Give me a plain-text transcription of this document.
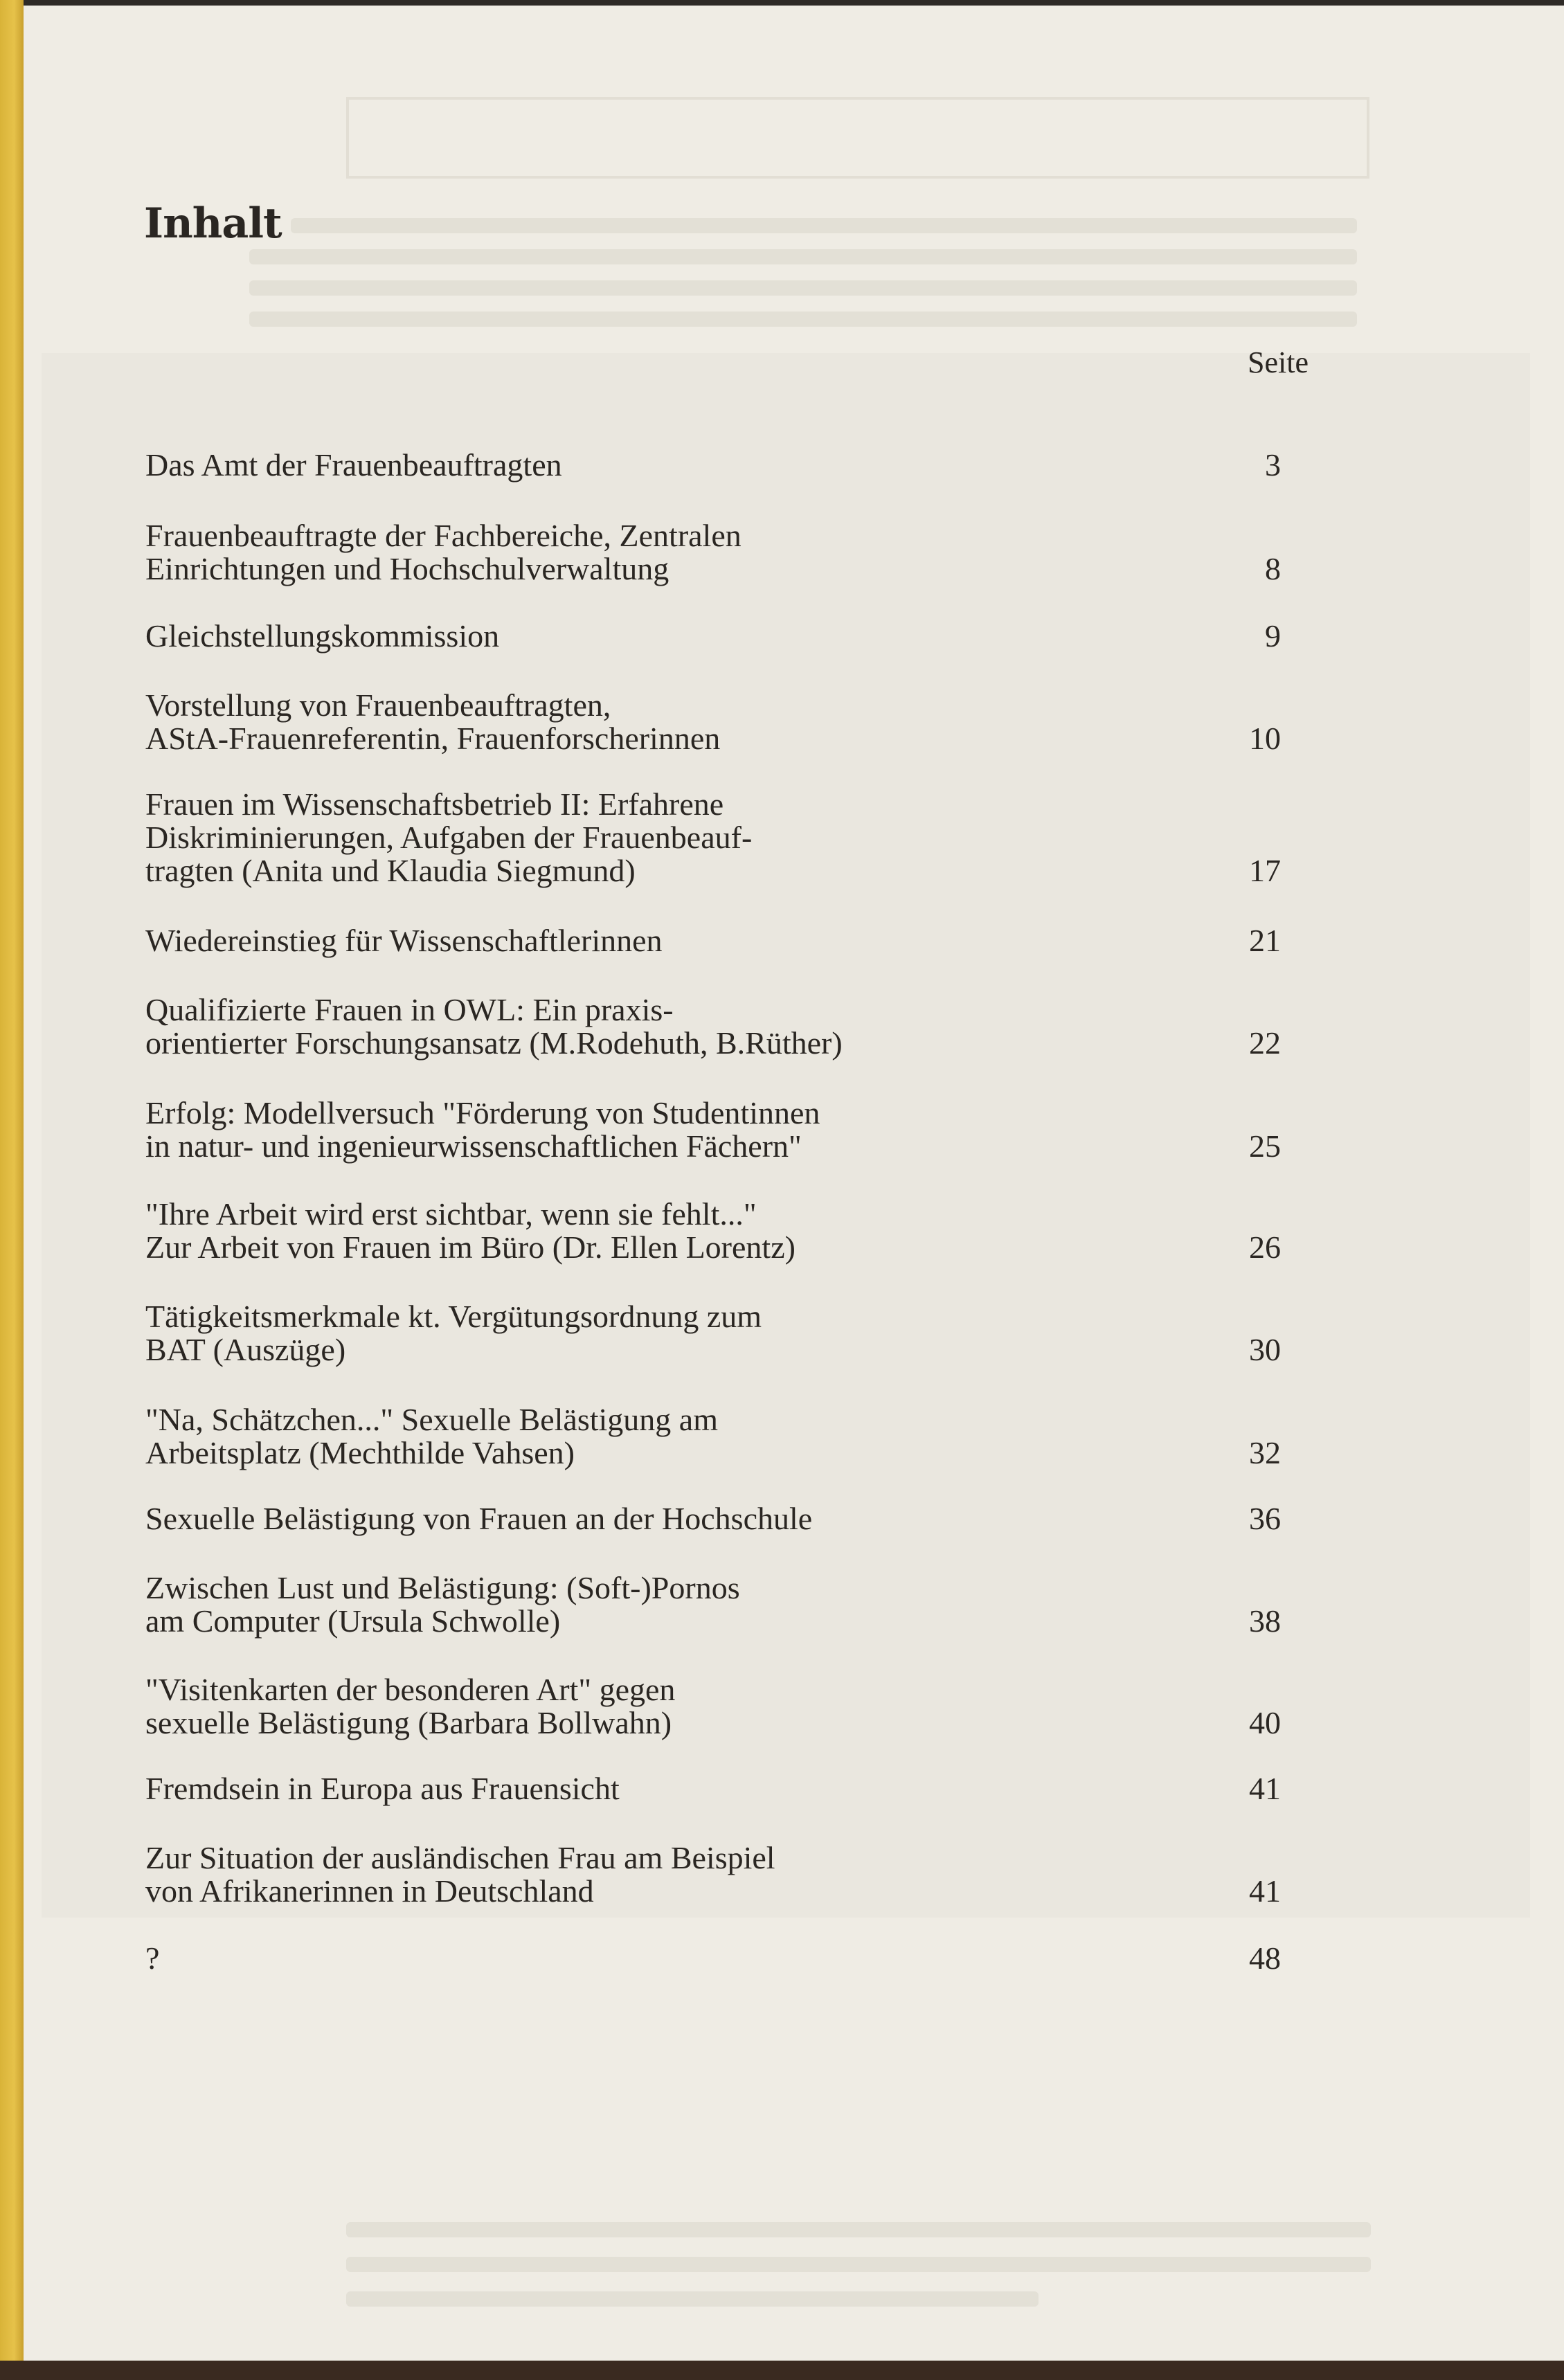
Inhalt
Seite
Das Amt der Frauenbeauftragten	3
Frauenbeauftragte der Fachbereiche, Zentralen
Einrichtungen und Hochschulverwaltung	8
Gleichstellungskommission	9
Vorstellung von Frauenbeauftragten,
AStA-Frauenreferentin, Frauenforscherinnen	10
Frauen im Wissenschaftsbetrieb II: Erfahrene
Diskriminierungen, Aufgaben der Frauenbeauf-
tragten (Anita und Klaudia Siegmund)	17
Wiedereinstieg für Wissenschaftlerinnen	21
Qualifizierte Frauen in OWL: Ein praxis-
orientierter Forschungsansatz (M.Rodehuth, B.Rüther)	22
Erfolg: Modellversuch "Förderung von Studentinnen
in natur- und ingenieurwissenschaftlichen Fächern"	25
"Ihre Arbeit wird erst sichtbar, wenn sie fehlt..."
Zur Arbeit von Frauen im Büro (Dr. Ellen Lorentz)	26
Tätigkeitsmerkmale kt. Vergütungsordnung zum
BAT (Auszüge)	30
"Na, Schätzchen..." Sexuelle Belästigung am
Arbeitsplatz (Mechthilde Vahsen)	32
Sexuelle Belästigung von Frauen an der Hochschule	36
Zwischen Lust und Belästigung: (Soft-)Pornos
am Computer (Ursula Schwolle)	38
"Visitenkarten der besonderen Art" gegen
sexuelle Belästigung (Barbara Bollwahn)	40
Fremdsein in Europa aus Frauensicht	41
Zur Situation der ausländischen Frau am Beispiel
von Afrikanerinnen in Deutschland	41
?	48
